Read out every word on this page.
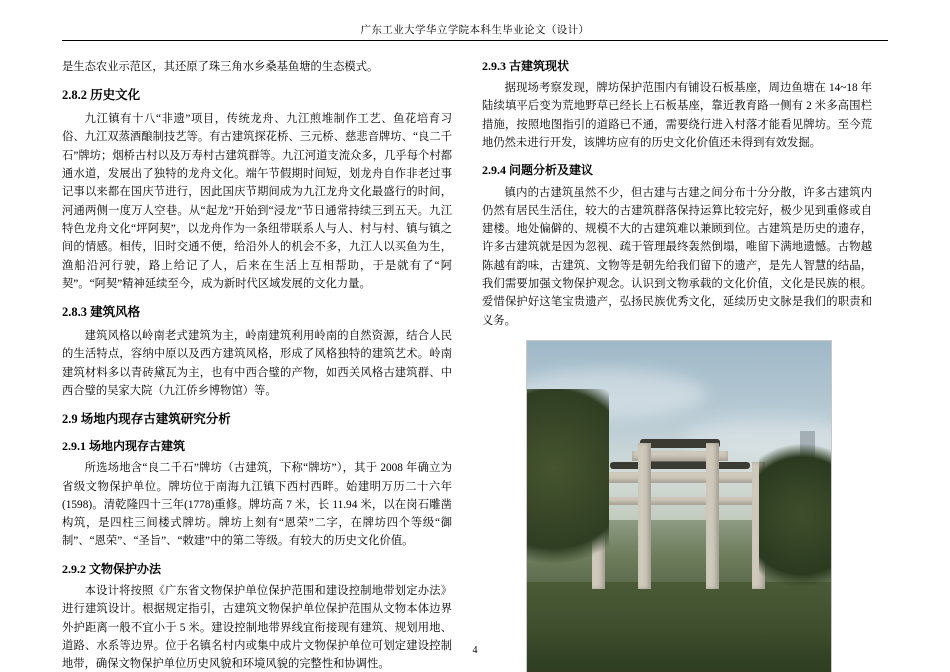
广东工业大学华立学院本科生毕业论文（设计）

是生态农业示范区，其还原了珠三角水乡桑基鱼塘的生态模式。

2.8.2 历史文化

九江镇有十八“非遗”项目，传统龙舟、九江煎堆制作工艺、鱼花培育习俗、九江双蒸酒酿制技艺等。有古建筑探花桥、三元桥、慈悲音牌坊、“良二千石”牌坊；烟桥古村以及万寿村古建筑群等。九江河道支流众多，几乎每个村都通水道，发展出了独特的龙舟文化。端午节假期时间短，划龙舟自作非老过事记事以来都在国庆节进行，因此国庆节期间成为九江龙舟文化最盛行的时间，河通两侧一度万人空巷。从“起龙”开始到“浸龙”节日通常持续三到五天。九江特色龙舟文化“坪阿契”，以龙舟作为一条纽带联系人与人、村与村、镇与镇之间的情感。相传，旧时交通不便，给沿外人的机会不多，九江人以买鱼为生，渔船沿河行驶，路上给记了人，后来在生活上互相帮助，于是就有了“阿契”。“阿契”精神延续至今，成为新时代区域发展的文化力量。

2.8.3 建筑风格

建筑风格以岭南老式建筑为主，岭南建筑利用岭南的自然资源，结合人民的生活特点，容纳中原以及西方建筑风格，形成了风格独特的建筑艺术。岭南建筑材料多以青砖黛瓦为主，也有中西合璧的产物，如西关风格古建筑群、中西合璧的吴家大院（九江侨乡博物馆）等。

2.9 场地内现存古建筑研究分析
2.9.1 场地内现存古建筑

所选场地含“良二千石”牌坊（古建筑，下称“牌坊”），其于 2008 年确立为省级文物保护单位。牌坊位于南海九江镇下西村西畔。始建明万历二十六年(1598)。清乾隆四十三年(1778)重修。牌坊高 7 米，长 11.94 米，以在岗石雕凿构筑，是四柱三间楼式牌坊。牌坊上刻有“恩荣”二字，在牌坊四个等级“御制”、“恩荣”、“圣旨”、“敕建”中的第二等级。有较大的历史文化价值。

2.9.2 文物保护办法

本设计将按照《广东省文物保护单位保护范围和建设控制地带划定办法》进行建筑设计。根据规定指引，古建筑文物保护单位保护范围从文物本体边界外护距离一般不宜小于 5 米。建设控制地带界线宜衔接现有建筑、规划用地、道路、水系等边界。位于名镇名村内或集中成片文物保护单位可划定建设控制地带，确保文物保护单位历史风貌和环境风貌的完整性和协调性。

2.9.3 古建筑现状

据现场考察发现，牌坊保护范围内有铺设石板基座，周边鱼塘在 14~18 年陆续填平后变为荒地野草已经长上石板基座，靠近教育路一侧有 2 米多高围栏措施，按照地图指引的道路已不通，需要绕行进入村落才能看见牌坊。至今荒地仍然未进行开发，该牌坊应有的历史文化价值还未得到有效发掘。

2.9.4 问题分析及建议

镇内的古建筑虽然不少，但古建与古建之间分布十分分散，许多古建筑内仍然有居民生活住，较大的古建筑群落保持运算比较完好，极少见到重修或自建楼。地处偏僻的、规模不大的古建筑难以兼顾到位。古建筑是历史的遗存，许多古建筑就是因为忽视、疏于管理最终轰然倒塌，唯留下满地遗憾。古物越陈越有韵味，古建筑、文物等是朝先给我们留下的遗产，是先人智慧的结晶，我们需要加强文物保护观念。认识到文物承载的文化价值，文化是民族的根。爱惜保护好这笔宝贵遗产，弘扬民族优秀文化，延续历史文脉是我们的职责和义务。

4
